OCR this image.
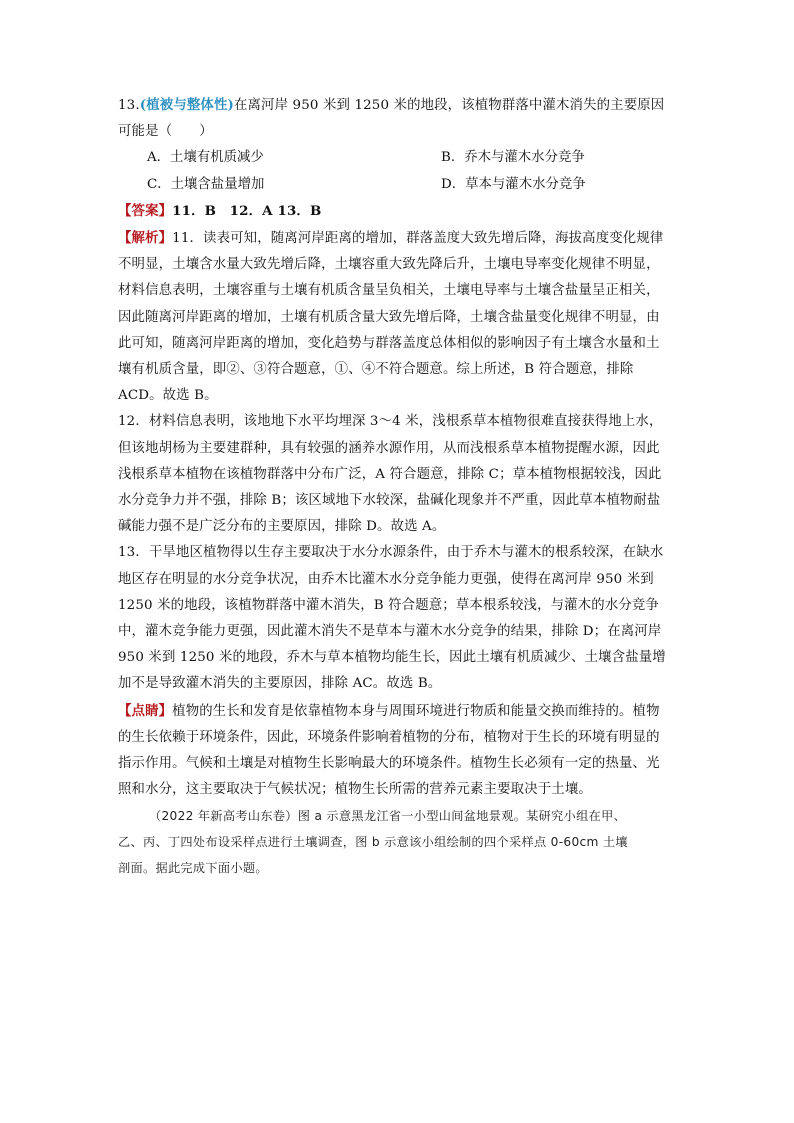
13.(植被与整体性)在离河岸 950 米到 1250 米的地段，该植物群落中灌木消失的主要原因
可能是（　　）
A．土壤有机质减少	B．乔木与灌木水分竞争
C．土壤含盐量增加	D．草本与灌木水分竞争
【答案】11．B　12．A 13．B
【解析】11．读表可知，随离河岸距离的增加，群落盖度大致先增后降，海拔高度变化规律
不明显，土壤含水量大致先增后降，土壤容重大致先降后升，土壤电导率变化规律不明显，
材料信息表明，土壤容重与土壤有机质含量呈负相关，土壤电导率与土壤含盐量呈正相关，
因此随离河岸距离的增加，土壤有机质含量大致先增后降，土壤含盐量变化规律不明显，由
此可知，随离河岸距离的增加，变化趋势与群落盖度总体相似的影响因子有土壤含水量和土
壤有机质含量，即②、③符合题意，①、④不符合题意。综上所述，B 符合题意，排除
ACD。故选 B。
12．材料信息表明，该地地下水平均埋深 3～4 米，浅根系草本植物很难直接获得地上水，
但该地胡杨为主要建群种，具有较强的涵养水源作用，从而浅根系草本植物提醒水源，因此
浅根系草本植物在该植物群落中分布广泛，A 符合题意，排除 C；草本植物根据较浅，因此
水分竞争力并不强，排除 B；该区域地下水较深，盐碱化现象并不严重，因此草本植物耐盐
碱能力强不是广泛分布的主要原因，排除 D。故选 A。
13．干旱地区植物得以生存主要取决于水分水源条件，由于乔木与灌木的根系较深，在缺水
地区存在明显的水分竞争状况，由乔木比灌木水分竞争能力更强，使得在离河岸 950 米到
1250 米的地段，该植物群落中灌木消失，B 符合题意；草本根系较浅，与灌木的水分竞争
中，灌木竞争能力更强，因此灌木消失不是草本与灌木水分竞争的结果，排除 D；在离河岸
950 米到 1250 米的地段，乔木与草本植物均能生长，因此土壤有机质减少、土壤含盐量增
加不是导致灌木消失的主要原因，排除 AC。故选 B。
【点睛】植物的生长和发育是依靠植物本身与周围环境进行物质和能量交换而维持的。植物
的生长依赖于环境条件，因此，环境条件影响着植物的分布，植物对于生长的环境有明显的
指示作用。气候和土壤是对植物生长影响最大的环境条件。植物生长必须有一定的热量、光
照和水分，这主要取决于气候状况；植物生长所需的营养元素主要取决于土壤。
（2022 年新高考山东卷）图 a 示意黑龙江省一小型山间盆地景观。某研究小组在甲、
乙、丙、丁四处布设采样点进行土壤调查，图 b 示意该小组绘制的四个采样点 0-60cm 土壤
剖面。据此完成下面小题。
